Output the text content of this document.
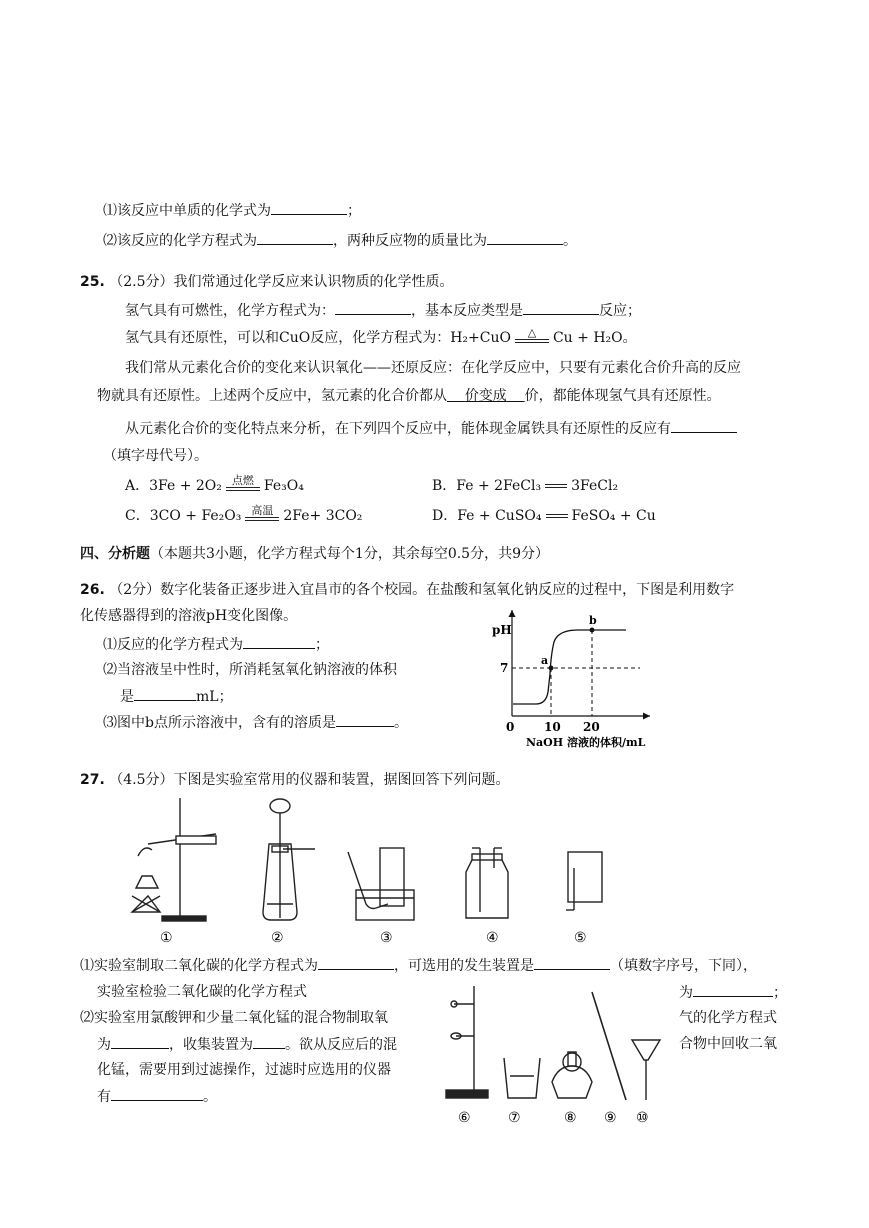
⑴该反应中单质的化学式为	；
⑵该反应的化学方程式为	，两种反应物的质量比为	。
25. （2.5分）我们常通过化学反应来认识物质的化学性质。
氢气具有可燃性，化学方程式为：	，基本反应类型是	反应；
氢气具有还原性，可以和CuO反应，化学方程式为：H₂+CuO	△	Cu + H₂O。
我们常从元素化合价的变化来认识氧化——还原反应：在化学反应中，只要有元素化合价升高的反应
物就具有还原性。上述两个反应中，氢元素的化合价都从 价变成 价，都能体现氢气具有还原性。
从元素化合价的变化特点来分析，在下列四个反应中，能体现金属铁具有还原性的反应有
（填字母代号）。
A．3Fe + 2O₂ 点燃 Fe₃O₄	B．Fe + 2FeCl₃ 3FeCl₂
C．3CO + Fe₂O₃ 高温 2Fe+ 3CO₂	D．Fe + CuSO₄ FeSO₄ + Cu
四、分析题（本题共3小题，化学方程式每个1分，其余每空0.5分，共9分）
26. （2分）数字化装备正逐步进入宜昌市的各个校园。在盐酸和氢氧化钠反应的过程中，下图是利用数字
化传感器得到的溶液pH变化图像。
⑴反应的化学方程式为	；
⑵当溶液呈中性时，所消耗氢氧化钠溶液的体积
是	mL；
⑶图中b点所示溶液中，含有的溶质是	。
pH
7
0 10 20
NaOH 溶液的体积/mL
a
b
27. （4.5分）下图是实验室常用的仪器和装置，据图回答下列问题。
①	②	③	④	⑤
⑴实验室制取二氧化碳的化学方程式为	，可选用的发生装置是	（填数字序号，下同），
实验室检验二氧化碳的化学方程式	为	；
⑵实验室用氯酸钾和少量二氧化锰的混合物制取氧	气的化学方程式
为	，收集装置为 。欲从反应后的混	合物中回收二氧
化锰，需要用到过滤操作，过滤时应选用的仪器
有	。
⑥	⑦	⑧ ⑨ ⑩
